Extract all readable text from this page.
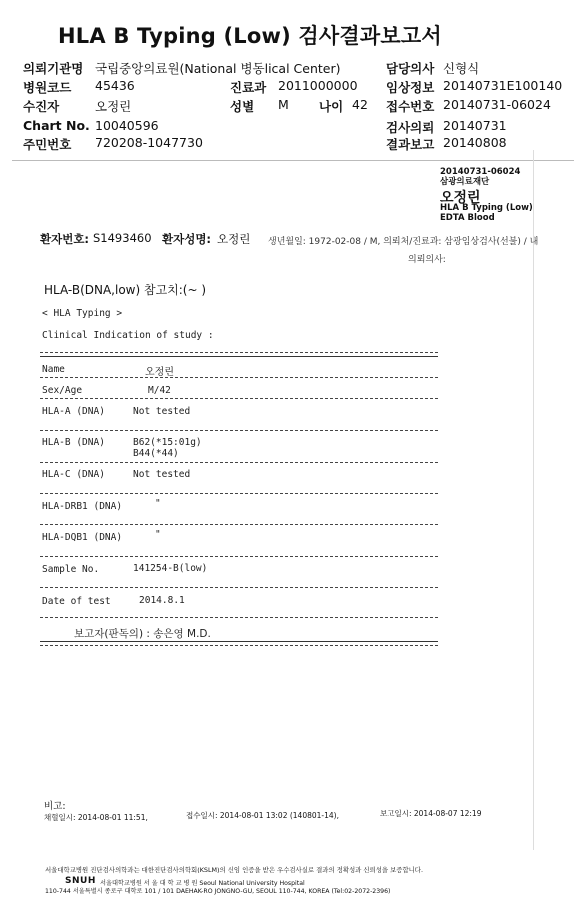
HLA B Typing (Low) 검사결과보고서
의뢰기관명 국립중앙의료원(National 병동lical Center)	담당의사 신형식
병원코드 45436	진료과 2011000000 임상정보 20140731E100140
수진자	오정린	성별 M 나이 42 접수번호 20140731-06024
Chart No. 10040596	검사의뢰 20140731
주민번호 720208-1047730	결과보고 20140808
20140731-06024
삼광의료재단
오정린
HLA B Typing (Low)
EDTA Blood
환자번호: S1493460 환자성명: 오정린 생년월일: 1972-02-08 / M, 의뢰처/진료과: 삼광임상검사(선불) / 내
의뢰의사:
HLA-B(DNA,low) 참고치:(~ )
< HLA Typing >
Clinical Indication of study :
Name	오정린
Sex/Age	M/42
HLA-A (DNA)	Not tested
HLA-B (DNA)	B62(*15:01g)
B44(*44)
HLA-C (DNA)	Not tested
HLA-DRB1 (DNA)	"
HLA-DQB1 (DNA)	"
Sample No.	141254-B(low)
Date of test	2014.8.1
보고자(판독의) : 송은영 M.D.
비고:
채혈일시: 2014-08-01 11:51,	접수일시: 2014-08-01 13:02 (140801-14),	보고일시: 2014-08-07 12:19
서울대학교병원 진단검사의학과는 대한진단검사의학회(KSLM)의 신임 인증을 받은 우수검사실로 결과의 정확성과 신뢰성을 보증합니다.
SNUH 서울대학교병원 서 울 대 학 교 병 원 Seoul National University Hospital
110-744 서울특별시 종로구 대학로 101 / 101 DAEHAK-RO JONGNO-GU, SEOUL 110-744, KOREA (Tel:02-2072-2396)
